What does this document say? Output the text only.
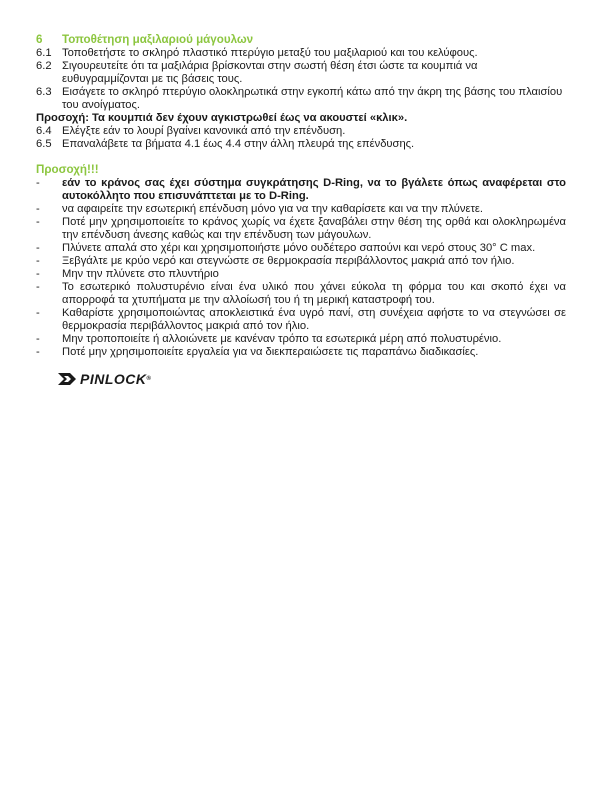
6	Τοποθέτηση μαξιλαριού μάγουλων
6.1 Τοποθετήστε το σκληρό πλαστικό πτερύγιο μεταξύ του μαξιλαριού και του κελύφους.
6.2 Σιγουρευτείτε ότι τα μαξιλάρια βρίσκονται στην σωστή θέση έτσι ώστε τα κουμπιά να ευθυγραμμίζονται με τις βάσεις τους.
6.3 Εισάγετε το σκληρό πτερύγιο ολοκληρωτικά στην εγκοπή κάτω από την άκρη της βάσης του πλαισίου του ανοίγματος.

Προσοχή: Τα κουμπιά δεν έχουν αγκιστρωθεί έως να ακουστεί «κλικ».

6.4 Ελέγξτε εάν το λουρί βγαίνει κανονικά από την επένδυση.
6.5 Επαναλάβετε τα βήματα 4.1 έως 4.4 στην άλλη πλευρά της επένδυσης.
Προσοχή!!!
-	εάν το κράνος σας έχει σύστημα συγκράτησης D-Ring, να το βγάλετε όπως αναφέρεται στο αυτοκόλλητο που επισυνάπτεται με το D-Ring.
-	να αφαιρείτε την εσωτερική επένδυση μόνο για να την καθαρίσετε και να την πλύνετε.
-	Ποτέ μην χρησιμοποιείτε το κράνος χωρίς να έχετε ξαναβάλει στην θέση της ορθά και ολοκληρωμένα την επένδυση άνεσης καθώς και την επένδυση των μάγουλων.
-	Πλύνετε απαλά στο χέρι και χρησιμοποιήστε μόνο ουδέτερο σαπούνι και νερό στους 30° C max.
-	Ξεβγάλτε με κρύο νερό και στεγνώστε σε θερμοκρασία περιβάλλοντος μακριά από τον ήλιο.
-	Μην την πλύνετε στο πλυντήριο
-	Το εσωτερικό πολυστυρένιο είναι ένα υλικό που χάνει εύκολα τη φόρμα του και σκοπό έχει να απορροφά τα χτυπήματα με την αλλοίωσή του ή τη μερική καταστροφή του.
-	Καθαρίστε χρησιμοποιώντας αποκλειστικά ένα υγρό πανί, στη συνέχεια αφήστε το να στεγνώσει σε θερμοκρασία περιβάλλοντος μακριά από τον ήλιο.
-	Μην τροποποιείτε ή αλλοιώνετε με κανέναν τρόπο τα εσωτερικά μέρη από πολυστυρένιο.
-	Ποτέ μην χρησιμοποιείτε εργαλεία για να διεκπεραιώσετε τις παραπάνω διαδικασίες.
PINLOCK®
